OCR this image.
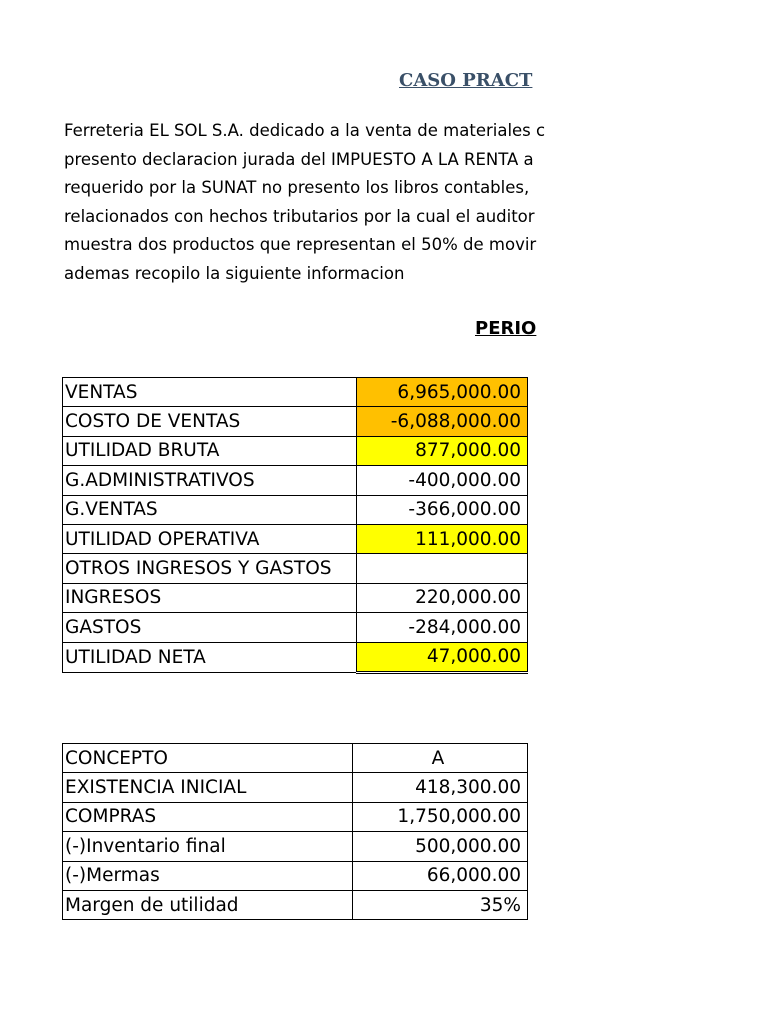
CASO PRACT
Ferreteria EL SOL S.A. dedicado a la venta de materiales c
presento declaracion jurada del IMPUESTO A LA RENTA a
requerido por la SUNAT no presento los libros contables,
relacionados con hechos tributarios por la cual el auditor
muestra dos productos que representan el 50% de movir
ademas recopilo la siguiente informacion
PERIO
VENTAS	6,965,000.00
COSTO DE VENTAS	-6,088,000.00
UTILIDAD BRUTA	877,000.00
G.ADMINISTRATIVOS	-400,000.00
G.VENTAS	-366,000.00
UTILIDAD OPERATIVA	111,000.00
OTROS INGRESOS Y GASTOS	
INGRESOS	220,000.00
GASTOS	-284,000.00
UTILIDAD NETA	47,000.00
CONCEPTO	A
EXISTENCIA INICIAL	418,300.00
COMPRAS	1,750,000.00
(-)Inventario final	500,000.00
(-)Mermas	66,000.00
Margen de utilidad	35%
